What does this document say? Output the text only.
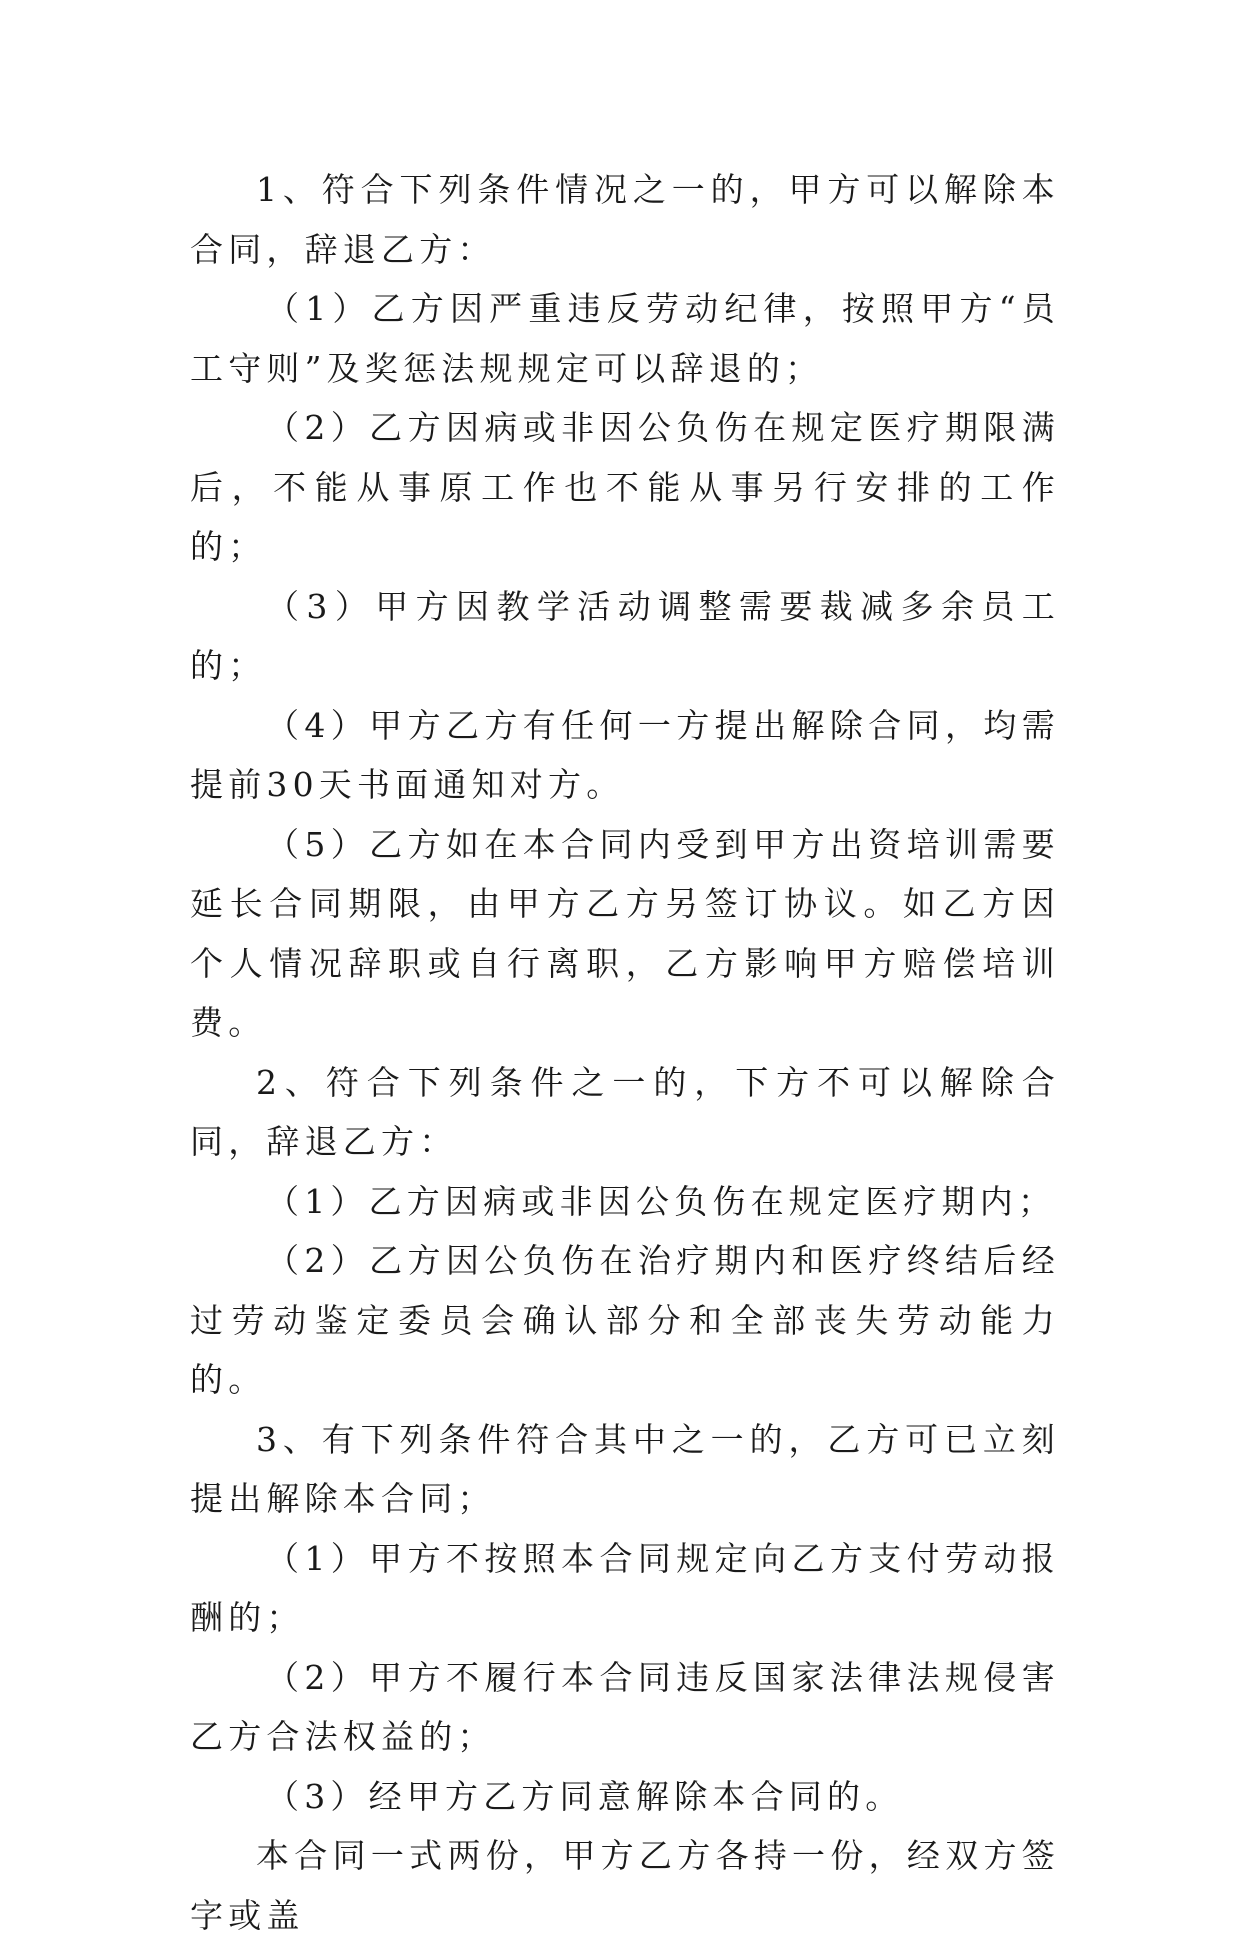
1、符合下列条件情况之一的，甲方可以解除本合同，辞退乙方：

（1）乙方因严重违反劳动纪律，按照甲方“员工守则”及奖惩法规规定可以辞退的；

（2）乙方因病或非因公负伤在规定医疗期限满后，不能从事原工作也不能从事另行安排的工作的；

（3）甲方因教学活动调整需要裁减多余员工的；

（4）甲方乙方有任何一方提出解除合同，均需提前30天书面通知对方。

（5）乙方如在本合同内受到甲方出资培训需要延长合同期限，由甲方乙方另签订协议。如乙方因个人情况辞职或自行离职，乙方影响甲方赔偿培训费。

2、符合下列条件之一的，下方不可以解除合同，辞退乙方：

（1）乙方因病或非因公负伤在规定医疗期内；

（2）乙方因公负伤在治疗期内和医疗终结后经过劳动鉴定委员会确认部分和全部丧失劳动能力的。

3、有下列条件符合其中之一的，乙方可已立刻提出解除本合同；

（1）甲方不按照本合同规定向乙方支付劳动报酬的；

（2）甲方不履行本合同违反国家法律法规侵害乙方合法权益的；

（3）经甲方乙方同意解除本合同的。

本合同一式两份，甲方乙方各持一份，经双方签字或盖
